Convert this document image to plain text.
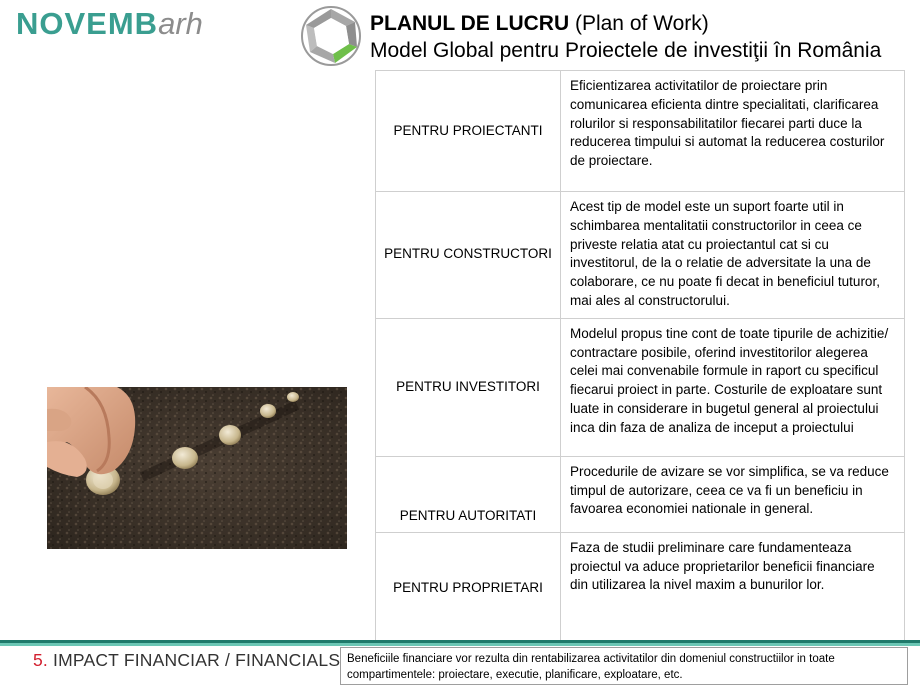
NOVEMBarh	PLANUL DE LUCRU (Plan of Work)
Model Global pentru Proiectele de investiţii în România
PENTRU PROIECTANTI	Eficientizarea activitatilor de proiectare prin comunicarea eficienta dintre specialitati, clarificarea rolurilor si responsabilitatilor fiecarei parti duce la reducerea timpului si automat la reducerea costurilor de proiectare.
PENTRU CONSTRUCTORI	Acest tip de model este un suport foarte util in schimbarea mentalitatii constructorilor in ceea ce priveste relatia atat cu proiectantul cat si cu investitorul, de la o relatie de adversitate la una de colaborare, ce nu poate fi decat in beneficiul tuturor, mai ales al constructorului.
PENTRU INVESTITORI	Modelul propus tine cont de toate tipurile de achizitie/ contractare posibile, oferind investitorilor alegerea celei mai convenabile formule in raport cu specificul fiecarui proiect in parte. Costurile de exploatare sunt luate in considerare in bugetul general al proiectului inca din faza de analiza de inceput a proiectului
PENTRU AUTORITATI	Procedurile de avizare se vor simplifica, se va reduce timpul de autorizare, ceea ce va fi un beneficiu in favoarea economiei nationale in general.
PENTRU PROPRIETARI	Faza de studii preliminare care fundamenteaza proiectul va aduce proprietarilor beneficii financiare din utilizarea la nivel maxim a bunurilor lor.
5. IMPACT FINANCIAR / FINANCIALS Beneficiile financiare vor rezulta din rentabilizarea activitatilor din domeniul constructiilor in toate compartimentele: proiectare, executie, planificare, exploatare, etc.
